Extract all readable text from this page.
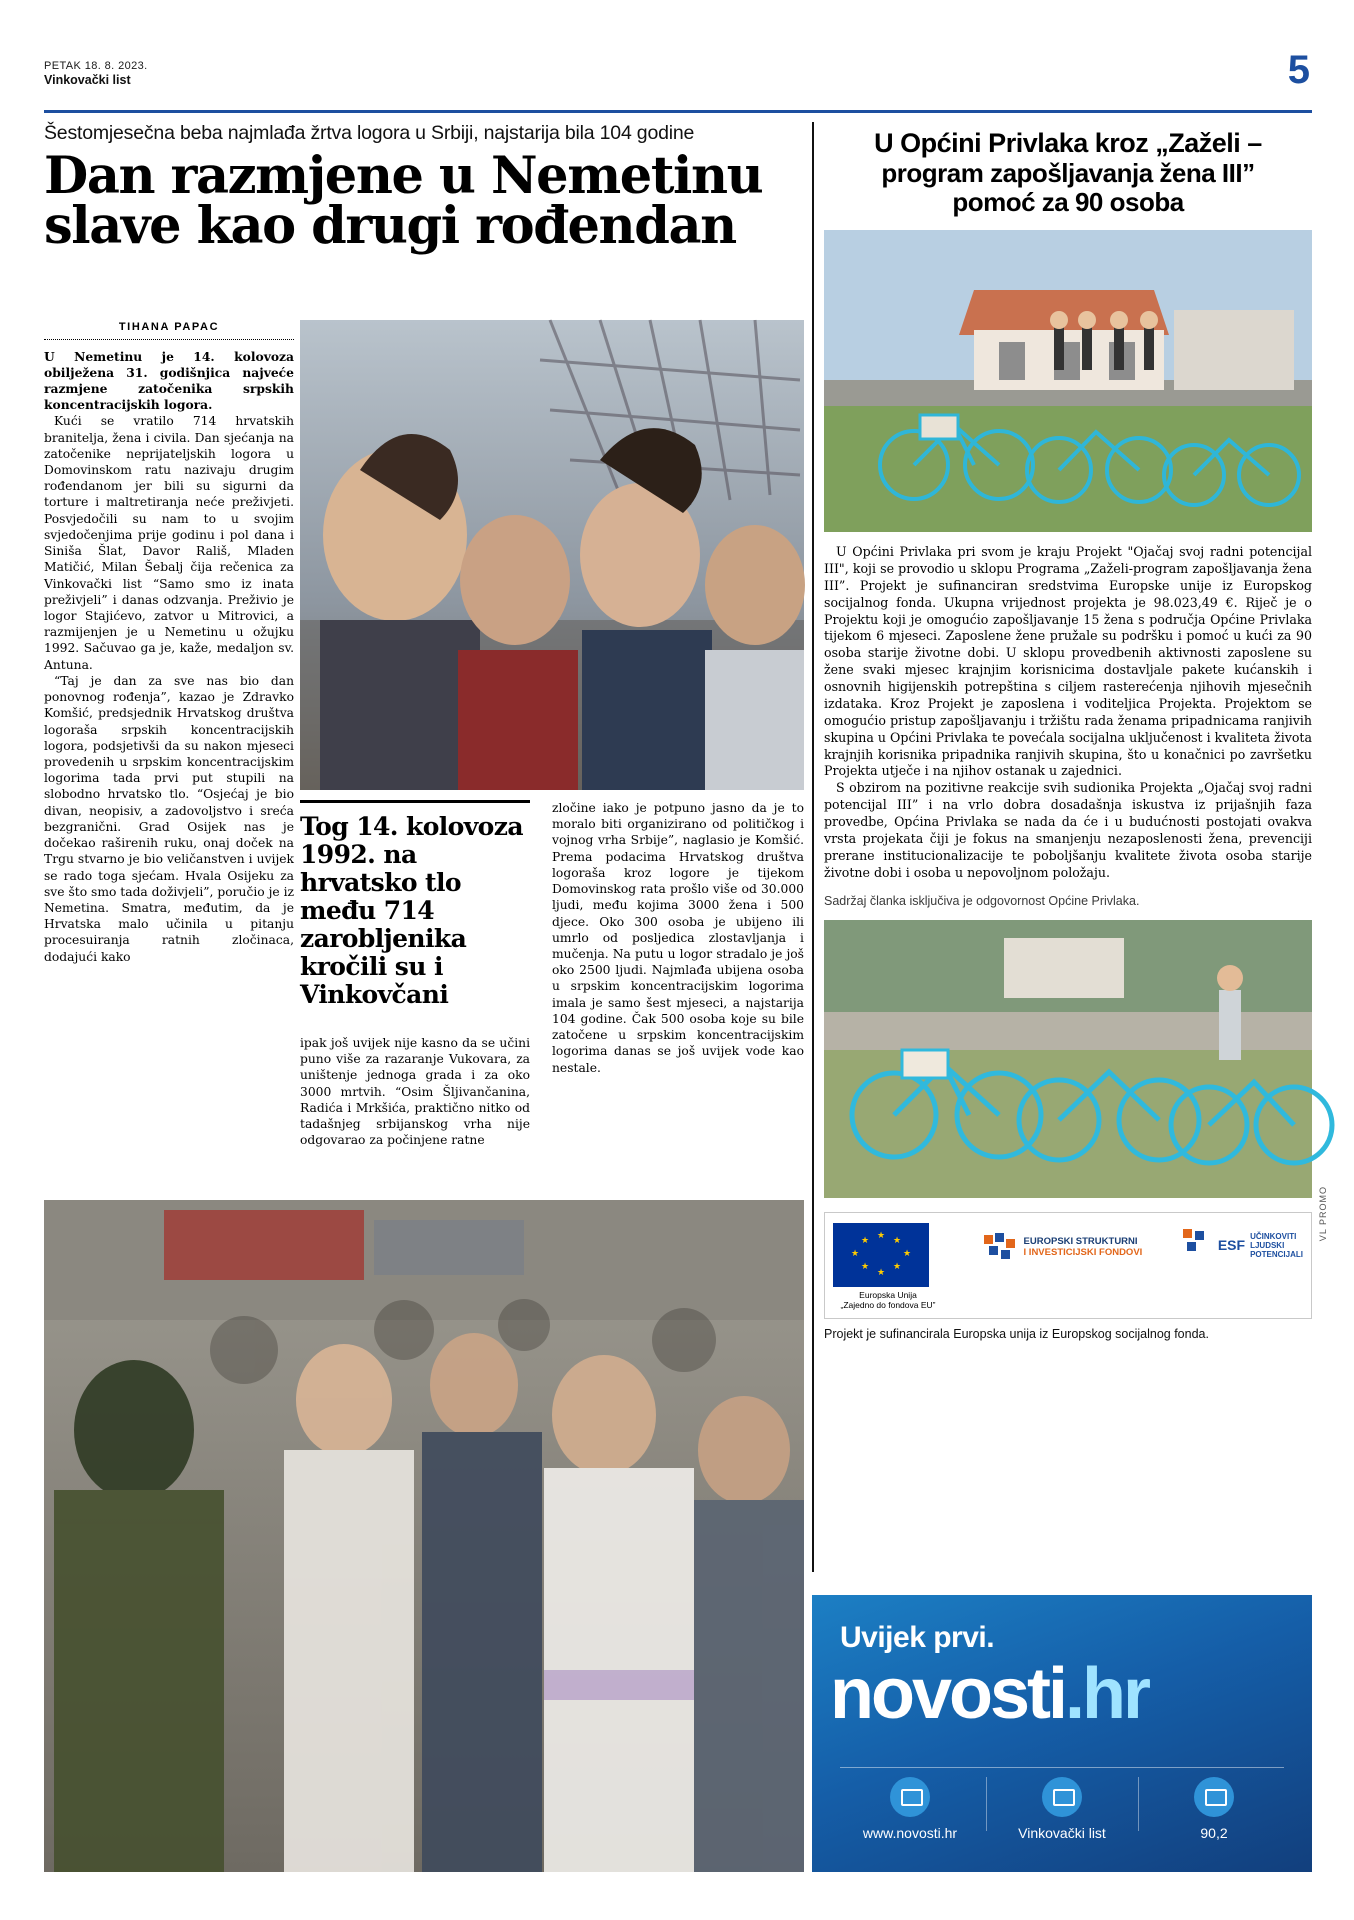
PETAK 18. 8. 2023.
Vinkovački list	5
Šestomjesečna beba najmlađa žrtva logora u Srbiji, najstarija bila 104 godine
Dan razmjene u Nemetinu
slave kao drugi rođendan
TIHANA PAPAC

U Nemetinu je 14. kolovoza obilježena 31. godišnjica najveće razmjene zatočenika srpskih koncentracijskih logora.

Kući se vratilo 714 hrvatskih branitelja, žena i civila. Dan sjećanja na zatočenike neprijateljskih logora u Domovinskom ratu nazivaju drugim rođendanom jer bili su sigurni da torture i maltretiranja neće preživjeti. Posvjedočili su nam to u svojim svjedočenjima prije godinu i pol dana i Siniša Šlat, Davor Rališ, Mladen Matičić, Milan Šebalj čija rečenica za Vinkovački list “Samo smo iz inata preživjeli” i danas odzvanja. Preživio je logor Stajićevo, zatvor u Mitrovici, a razmijenjen je u Nemetinu u ožujku 1992. Sačuvao ga je, kaže, medaljon sv. Antuna.

“Taj je dan za sve nas bio dan ponovnog rođenja”, kazao je Zdravko Komšić, predsjednik Hrvatskog društva logoraša srpskih koncentracijskih logora, podsjetivši da su nakon mjeseci provedenih u srpskim koncentracijskim logorima tada prvi put stupili na slobodno hrvatsko tlo. “Osjećaj je bio divan, neopisiv, a zadovoljstvo i sreća bezgranični. Grad Osijek nas je dočekao raširenih ruku, onaj doček na Trgu stvarno je bio veličanstven i uvijek se rado toga sjećam. Hvala Osijeku za sve što smo tada doživjeli”, poručio je iz Nemetina. Smatra, međutim, da je Hrvatska malo učinila u pitanju procesuiranja ratnih zločinaca, dodajući kako

Tog 14. kolovoza 1992. na hrvatsko tlo među 714 zarobljenika kročili su i Vinkovčani

ipak još uvijek nije kasno da se učini puno više za razaranje Vukovara, za uništenje jednoga grada i za oko 3000 mrtvih. “Osim Šljivančanina, Radića i Mrkšića, praktično nitko od tadašnjeg srbijanskog vrha nije odgovarao za počinjene ratne

zločine iako je potpuno jasno da je to moralo biti organizirano od političkog i vojnog vrha Srbije”, naglasio je Komšić. Prema podacima Hrvatskog društva logoraša kroz logore je tijekom Domovinskog rata prošlo više od 30.000 ljudi, među kojima 3000 žena i 500 djece. Oko 300 osoba je ubijeno ili umrlo od posljedica zlostavljanja i mučenja. Na putu u logor stradalo je još oko 2500 ljudi. Najmlađa ubijena osoba u srpskim koncentracijskim logorima imala je samo šest mjeseci, a najstarija 104 godine. Čak 500 osoba koje su bile zatočene u srpskim koncentracijskim logorima danas se još uvijek vode kao nestale.

U Općini Privlaka kroz „Zaželi –
program zapošljavanja žena III”
pomoć za 90 osoba

U Općini Privlaka pri svom je kraju Projekt "Ojačaj svoj radni potencijal III", koji se provodio u sklopu Programa „Zaželi-program zapošljavanja žena III”. Projekt je sufinanciran sredstvima Europske unije iz Europskog socijalnog fonda. Ukupna vrijednost projekta je 98.023,49 €. Riječ je o Projektu koji je omogućio zapošljavanje 15 žena s područja Općine Privlaka tijekom 6 mjeseci. Zaposlene žene pružale su podršku i pomoć u kući za 90 osoba starije životne dobi. U sklopu provedbenih aktivnosti zaposlene su žene svaki mjesec krajnjim korisnicima dostavljale pakete kućanskih i osnovnih higijenskih potrepština s ciljem rasterećenja njihovih mjesečnih izdataka. Kroz Projekt je zaposlena i voditeljica Projekta. Projektom se omogućio pristup zapošljavanju i tržištu rada ženama pripadnicama ranjivih skupina u Općini Privlaka te povećala socijalna uključenost i kvaliteta života krajnjih korisnika pripadnika ranjivih skupina, što u konačnici po završetku Projekta utječe i na njihov ostanak u zajednici.

S obzirom na pozitivne reakcije svih sudionika Projekta „Ojačaj svoj radni potencijal III” i na vrlo dobra dosadašnja iskustva iz prijašnjih faza provedbe, Općina Privlaka se nada da će i u budućnosti postojati ovakva vrsta projekata čiji je fokus na smanjenju nezaposlenosti žena, prevenciji prerane institucionalizacije te poboljšanju kvalitete života osoba starije životne dobi i osoba u nepovoljnom položaju.

Sadržaj članka isključiva je odgovornost Općine Privlaka.
VL PROMO
★ ★
★
★
★
★
★
★
Europska Unija
„Zajedno do fondova EU”
EUROPSKI STRUKTURNI
I INVESTICIJSKI FONDOVI	ESF
UČINKOVITI
LJUDSKI
POTENCIJALI
Projekt je sufinancirala Europska unija iz Europskog socijalnog fonda.
Uvijek prvi.
novosti.hr
www.novosti.hr	Vinkovački list	90,2
